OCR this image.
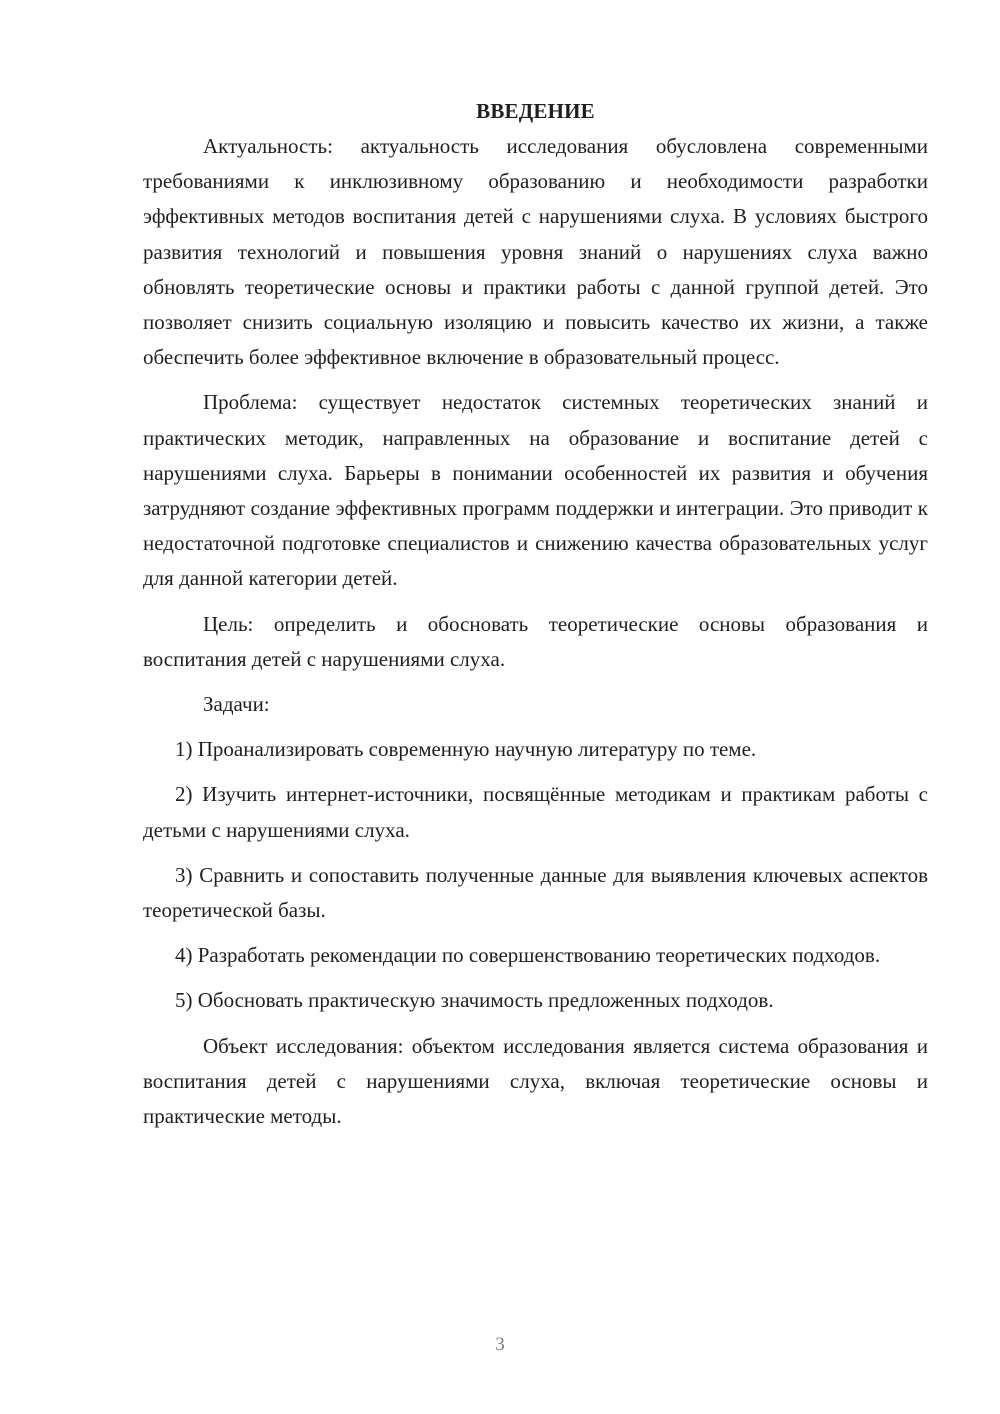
ВВЕДЕНИЕ

Актуальность: актуальность исследования обусловлена современными требованиями к инклюзивному образованию и необходимости разработки эффективных методов воспитания детей с нарушениями слуха. В условиях быстрого развития технологий и повышения уровня знаний о нарушениях слуха важно обновлять теоретические основы и практики работы с данной группой детей. Это позволяет снизить социальную изоляцию и повысить качество их жизни, а также обеспечить более эффективное включение в образовательный процесс.

Проблема: существует недостаток системных теоретических знаний и практических методик, направленных на образование и воспитание детей с нарушениями слуха. Барьеры в понимании особенностей их развития и обучения затрудняют создание эффективных программ поддержки и интеграции. Это приводит к недостаточной подготовке специалистов и снижению качества образовательных услуг для данной категории детей.

Цель: определить и обосновать теоретические основы образования и воспитания детей с нарушениями слуха.

Задачи:

1) Проанализировать современную научную литературу по теме.

2) Изучить интернет-источники, посвящённые методикам и практикам работы с детьми с нарушениями слуха.

3) Сравнить и сопоставить полученные данные для выявления ключевых аспектов теоретической базы.

4) Разработать рекомендации по совершенствованию теоретических подходов.

5) Обосновать практическую значимость предложенных подходов.

Объект исследования: объектом исследования является система образования и воспитания детей с нарушениями слуха, включая теоретические основы и практические методы.

3
